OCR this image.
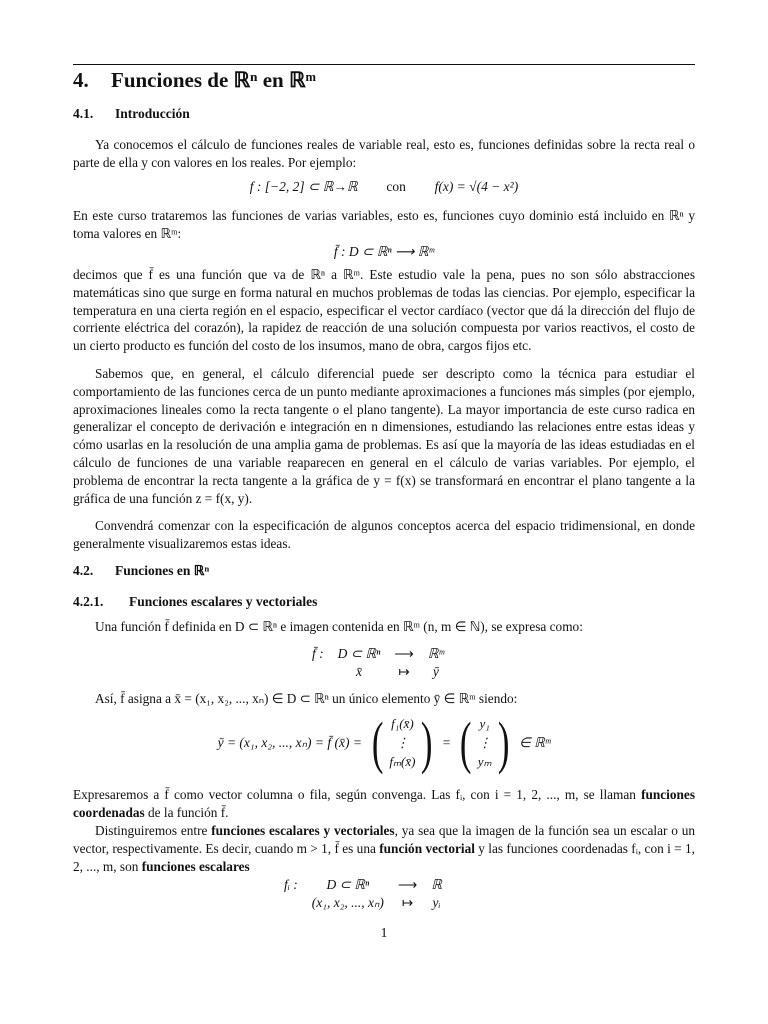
4. Funciones de ℝⁿ en ℝᵐ
4.1. Introducción

Ya conocemos el cálculo de funciones reales de variable real, esto es, funciones definidas sobre la recta real o parte de ella y con valores en los reales. Por ejemplo:

f : [−2, 2] ⊂ ℝ→ℝ con f(x) = √(4 − x²)

En este curso trataremos las funciones de varias variables, esto es, funciones cuyo dominio está incluido en ℝⁿ y toma valores en ℝᵐ:

f̄ : D ⊂ ℝⁿ ⟶ ℝᵐ

decimos que f̄ es una función que va de ℝⁿ a ℝᵐ. Este estudio vale la pena, pues no son sólo abstracciones matemáticas sino que surge en forma natural en muchos problemas de todas las ciencias. Por ejemplo, especificar la temperatura en una cierta región en el espacio, especificar el vector cardíaco (vector que dá la dirección del flujo de corriente eléctrica del corazón), la rapidez de reacción de una solución compuesta por varios reactivos, el costo de un cierto producto es función del costo de los insumos, mano de obra, cargos fijos etc.

Sabemos que, en general, el cálculo diferencial puede ser descripto como la técnica para estudiar el comportamiento de las funciones cerca de un punto mediante aproximaciones a funciones más simples (por ejemplo, aproximaciones lineales como la recta tangente o el plano tangente). La mayor importancia de este curso radica en generalizar el concepto de derivación e integración en n dimensiones, estudiando las relaciones entre estas ideas y cómo usarlas en la resolución de una amplia gama de problemas. Es así que la mayoría de las ideas estudiadas en el cálculo de funciones de una variable reaparecen en general en el cálculo de varias variables. Por ejemplo, el problema de encontrar la recta tangente a la gráfica de y = f(x) se transformará en encontrar el plano tangente a la gráfica de una función z = f(x, y).

Convendrá comenzar con la especificación de algunos conceptos acerca del espacio tridimensional, en donde generalmente visualizaremos estas ideas.

4.2. Funciones en ℝⁿ
4.2.1. Funciones escalares y vectoriales

Una función f̄ definida en D ⊂ ℝⁿ e imagen contenida en ℝᵐ (n, m ∈ ℕ), se expresa como:

f̄ : D ⊂ ℝⁿ ⟶ ℝᵐ
x̄	↦	ȳ

Así, f̄ asigna a x̄ = (x₁, x₂, ..., xₙ) ∈ D ⊂ ℝⁿ un único elemento ȳ ∈ ℝᵐ siendo:

ȳ = (x₁, x₂, ..., xₙ) = f̄ (x̄) = ( f₁(x̄)
⋮
fₘ(x̄) ) = ( y₁
⋮
yₘ ) ∈ ℝᵐ

Expresaremos a f̄ como vector columna o fila, según convenga. Las fᵢ, con i = 1, 2, ..., m, se llaman funciones coordenadas de la función f̄.

Distinguiremos entre funciones escalares y vectoriales, ya sea que la imagen de la función sea un escalar o un vector, respectivamente. Es decir, cuando m > 1, f̄ es una función vectorial y las funciones coordenadas fᵢ, con i = 1, 2, ..., m, son funciones escalares

fᵢ :	D ⊂ ℝⁿ	⟶ ℝ
(x₁, x₂, ..., xₙ) ↦ yᵢ
1
